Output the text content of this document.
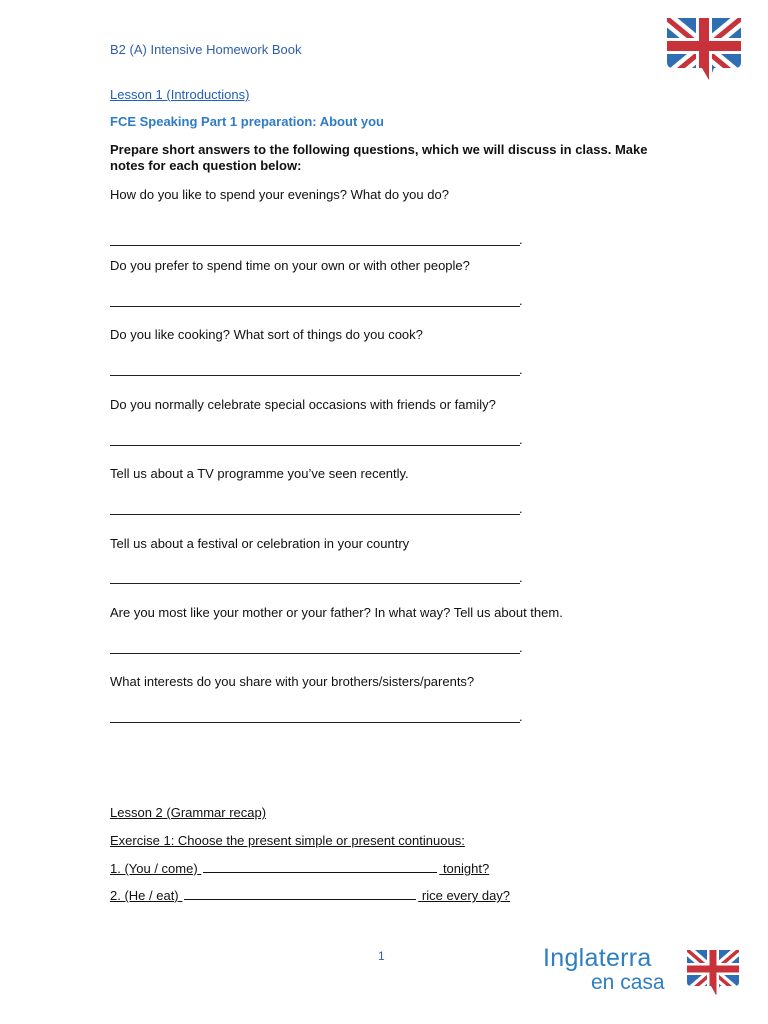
B2 (A) Intensive Homework Book
Lesson 1 (Introductions)
FCE Speaking Part 1 preparation: About you
Prepare short answers to the following questions, which we will discuss in class. Make notes for each question below:
How do you like to spend your evenings? What do you do?
.
Do you prefer to spend time on your own or with other people?
.
Do you like cooking? What sort of things do you cook?
.
Do you normally celebrate special occasions with friends or family?
.
Tell us about a TV programme you’ve seen recently.
.
Tell us about a festival or celebration in your country
.
Are you most like your mother or your father? In what way? Tell us about them.
.
What interests do you share with your brothers/sisters/parents?
.
Lesson 2 (Grammar recap)
Exercise 1: Choose the present simple or present continuous:
1. (You / come)	tonight?
2. (He / eat)	rice every day?
1	Inglaterra
en casa
